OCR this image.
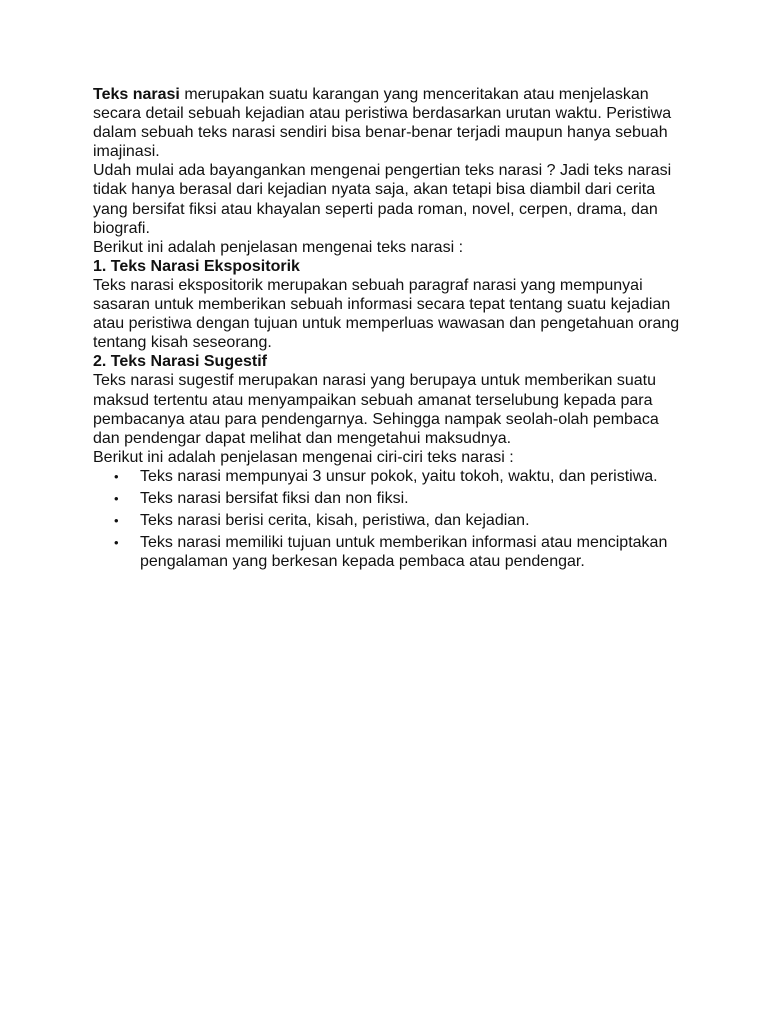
Teks narasi merupakan suatu karangan yang menceritakan atau menjelaskan secara detail sebuah kejadian atau peristiwa berdasarkan urutan waktu. Peristiwa dalam sebuah teks narasi sendiri bisa benar-benar terjadi maupun hanya sebuah imajinasi.

Udah mulai ada bayangankan mengenai pengertian teks narasi ? Jadi teks narasi tidak hanya berasal dari kejadian nyata saja, akan tetapi bisa diambil dari cerita yang bersifat fiksi atau khayalan seperti pada roman, novel, cerpen, drama, dan biografi.

Berikut ini adalah penjelasan mengenai teks narasi :

1. Teks Narasi Ekspositorik

Teks narasi ekspositorik merupakan sebuah paragraf narasi yang mempunyai sasaran untuk memberikan sebuah informasi secara tepat tentang suatu kejadian atau peristiwa dengan tujuan untuk memperluas wawasan dan pengetahuan orang tentang kisah seseorang.

2. Teks Narasi Sugestif

Teks narasi sugestif merupakan narasi yang berupaya untuk memberikan suatu maksud tertentu atau menyampaikan sebuah amanat terselubung kepada para pembacanya atau para pendengarnya. Sehingga nampak seolah-olah pembaca dan pendengar dapat melihat dan mengetahui maksudnya.

Berikut ini adalah penjelasan mengenai ciri-ciri teks narasi :

• Teks narasi mempunyai 3 unsur pokok, yaitu tokoh, waktu, dan peristiwa.
• Teks narasi bersifat fiksi dan non fiksi.
• Teks narasi berisi cerita, kisah, peristiwa, dan kejadian.
• Teks narasi memiliki tujuan untuk memberikan informasi atau menciptakan pengalaman yang berkesan kepada pembaca atau pendengar.
